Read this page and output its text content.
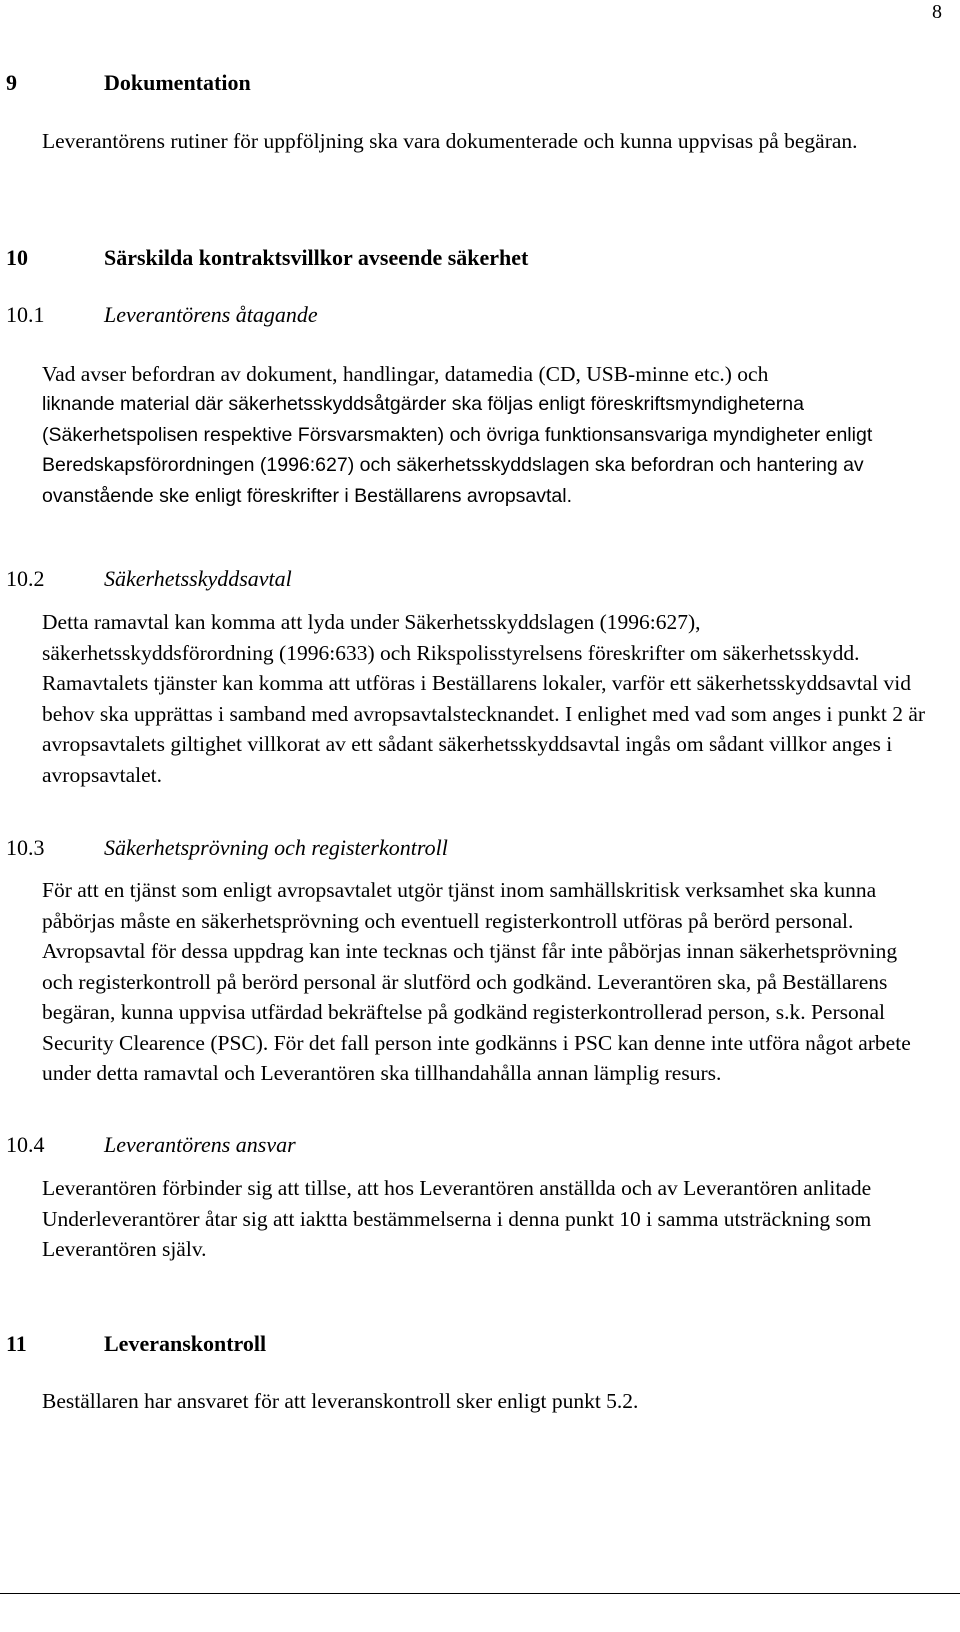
8
9	Dokumentation

Leverantörens rutiner för uppföljning ska vara dokumenterade och kunna uppvisas på begäran.

10	Särskilda kontraktsvillkor avseende säkerhet
10.1	Leverantörens åtagande

Vad avser befordran av dokument, handlingar, datamedia (CD, USB-minne etc.) och

liknande material där säkerhetsskyddsåtgärder ska följas enligt föreskriftsmyndigheterna (Säkerhetspolisen respektive Försvarsmakten) och övriga funktionsansvariga myndigheter enligt Beredskapsförordningen (1996:627) och säkerhetsskyddslagen ska befordran och hantering av ovanstående ske enligt föreskrifter i Beställarens avropsavtal.

10.2	Säkerhetsskyddsavtal

Detta ramavtal kan komma att lyda under Säkerhetsskyddslagen (1996:627), säkerhetsskyddsförordning (1996:633) och Rikspolisstyrelsens föreskrifter om säkerhetsskydd. Ramavtalets tjänster kan komma att utföras i Beställarens lokaler, varför ett säkerhetsskyddsavtal vid behov ska upprättas i samband med avropsavtalstecknandet. I enlighet med vad som anges i punkt 2 är avropsavtalets giltighet villkorat av ett sådant säkerhetsskyddsavtal ingås om sådant villkor anges i avropsavtalet.

10.3	Säkerhetsprövning och registerkontroll

För att en tjänst som enligt avropsavtalet utgör tjänst inom samhällskritisk verksamhet ska kunna påbörjas måste en säkerhetsprövning och eventuell registerkontroll utföras på berörd personal. Avropsavtal för dessa uppdrag kan inte tecknas och tjänst får inte påbörjas innan säkerhetsprövning och registerkontroll på berörd personal är slutförd och godkänd. Leverantören ska, på Beställarens begäran, kunna uppvisa utfärdad bekräftelse på godkänd registerkontrollerad person, s.k. Personal Security Clearence (PSC). För det fall person inte godkänns i PSC kan denne inte utföra något arbete under detta ramavtal och Leverantören ska tillhandahålla annan lämplig resurs.

10.4	Leverantörens ansvar

Leverantören förbinder sig att tillse, att hos Leverantören anställda och av Leverantören anlitade Underleverantörer åtar sig att iakttа bestämmelserna i denna punkt 10 i samma utsträckning som Leverantören själv.

11	Leveranskontroll

Beställaren har ansvaret för att leveranskontroll sker enligt punkt 5.2.
